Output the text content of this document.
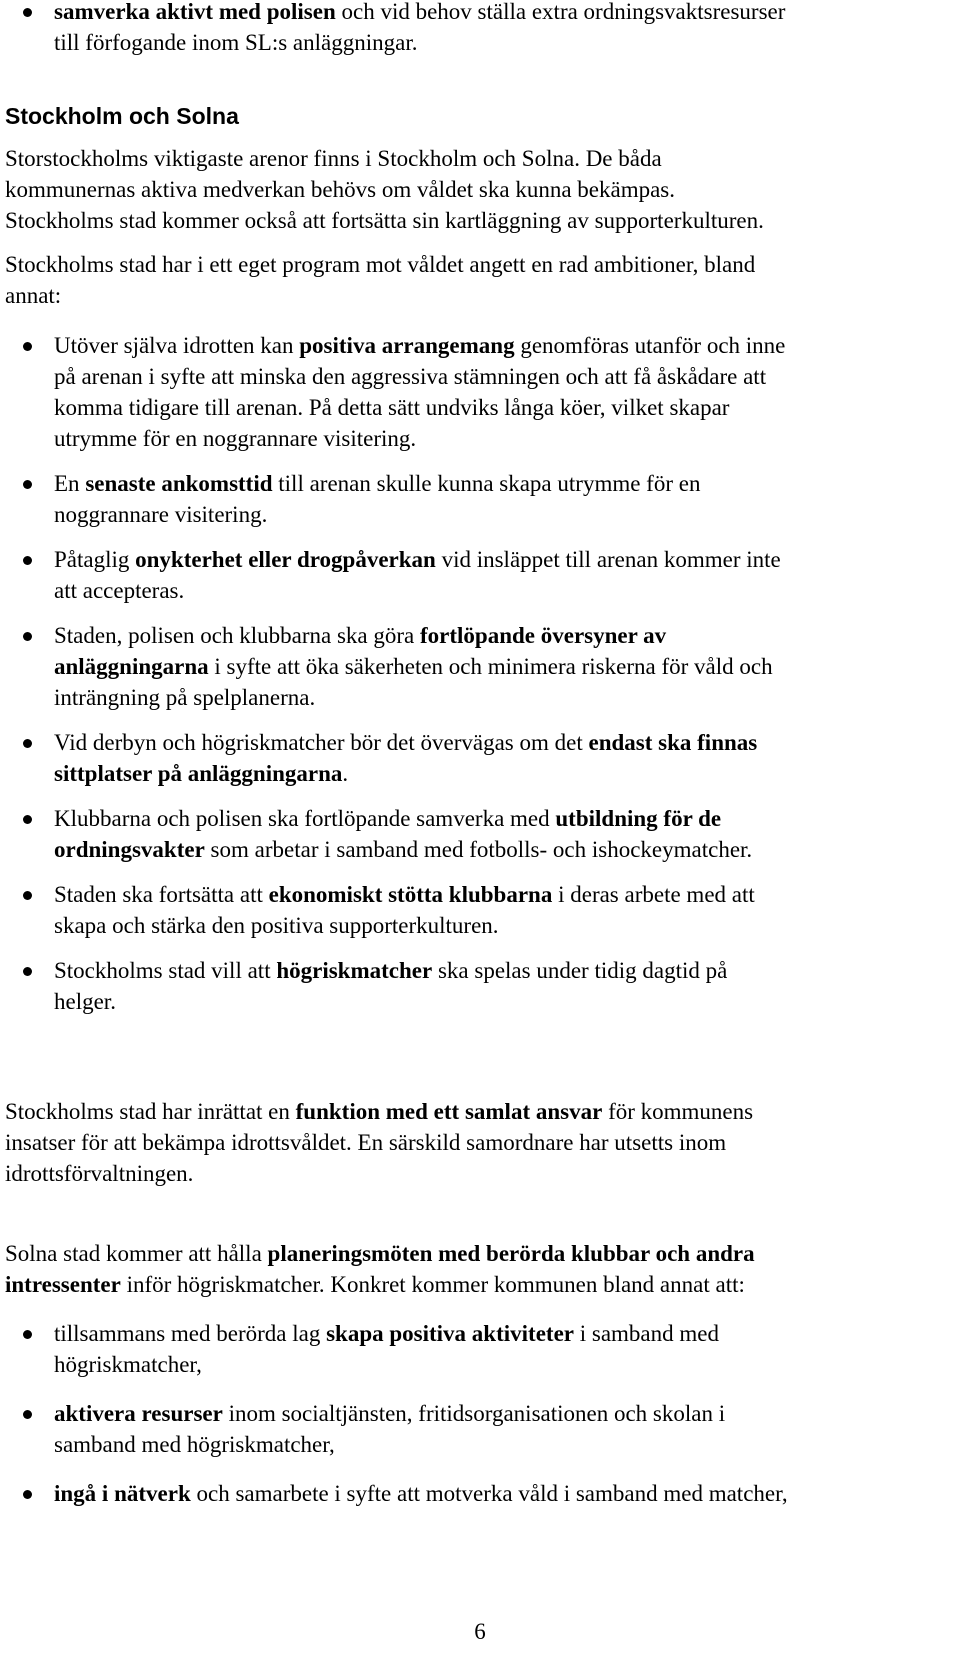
samverka aktivt med polisen och vid behov ställa extra ordningsvaktsresurser
till förfogande inom SL:s anläggningar.
Stockholm och Solna
Storstockholms viktigaste arenor finns i Stockholm och Solna. De båda
kommunernas aktiva medverkan behövs om våldet ska kunna bekämpas.
Stockholms stad kommer också att fortsätta sin kartläggning av supporterkulturen.
Stockholms stad har i ett eget program mot våldet angett en rad ambitioner, bland
annat:
Utöver själva idrotten kan positiva arrangemang genomföras utanför och inne
på arenan i syfte att minska den aggressiva stämningen och att få åskådare att
komma tidigare till arenan. På detta sätt undviks långa köer, vilket skapar
utrymme för en noggrannare visitering.
En senaste ankomsttid till arenan skulle kunna skapa utrymme för en
noggrannare visitering.
Påtaglig onykterhet eller drogpåverkan vid insläppet till arenan kommer inte
att accepteras.
Staden, polisen och klubbarna ska göra fortlöpande översyner av
anläggningarna i syfte att öka säkerheten och minimera riskerna för våld och
inträngning på spelplanerna.
Vid derbyn och högriskmatcher bör det övervägas om det endast ska finnas
sittplatser på anläggningarna.
Klubbarna och polisen ska fortlöpande samverka med utbildning för de
ordningsvakter som arbetar i samband med fotbolls- och ishockeymatcher.
Staden ska fortsätta att ekonomiskt stötta klubbarna i deras arbete med att
skapa och stärka den positiva supporterkulturen.
Stockholms stad vill att högriskmatcher ska spelas under tidig dagtid på
helger.
Stockholms stad har inrättat en funktion med ett samlat ansvar för kommunens
insatser för att bekämpa idrottsvåldet. En särskild samordnare har utsetts inom
idrottsförvaltningen.
Solna stad kommer att hålla planeringsmöten med berörda klubbar och andra
intressenter inför högriskmatcher. Konkret kommer kommunen bland annat att:
tillsammans med berörda lag skapa positiva aktiviteter i samband med
högriskmatcher,
aktivera resurser inom socialtjänsten, fritidsorganisationen och skolan i
samband med högriskmatcher,
ingå i nätverk och samarbete i syfte att motverka våld i samband med matcher,
6
